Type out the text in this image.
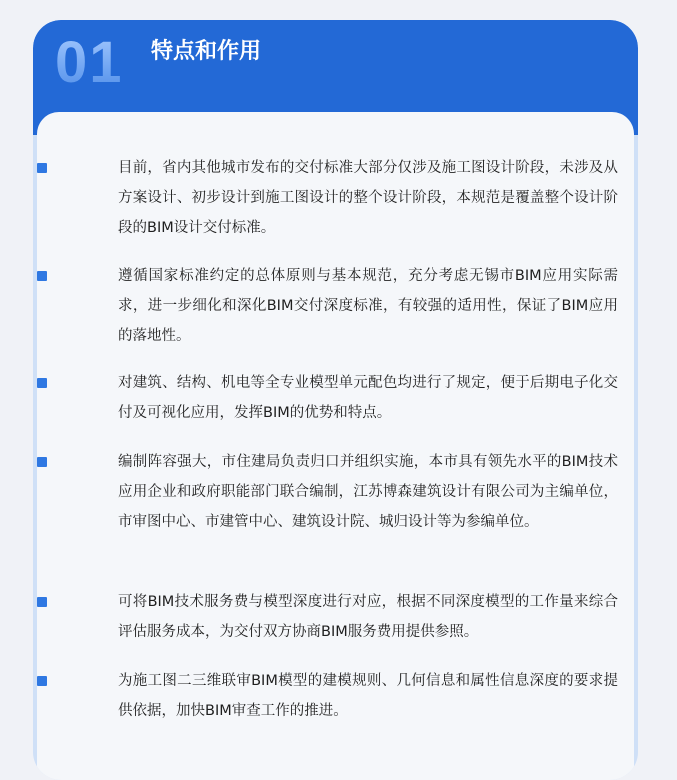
01 特点和作用
目前，省内其他城市发布的交付标准大部分仅涉及施工图设计阶段，未涉及从方案设计、初步设计到施工图设计的整个设计阶段，本规范是覆盖整个设计阶段的BIM设计交付标准。
遵循国家标准约定的总体原则与基本规范，充分考虑无锡市BIM应用实际需求，进一步细化和深化BIM交付深度标准，有较强的适用性，保证了BIM应用的落地性。
对建筑、结构、机电等全专业模型单元配色均进行了规定，便于后期电子化交付及可视化应用，发挥BIM的优势和特点。
编制阵容强大，市住建局负责归口并组织实施，本市具有领先水平的BIM技术应用企业和政府职能部门联合编制，江苏博森建筑设计有限公司为主编单位，市审图中心、市建管中心、建筑设计院、城归设计等为参编单位。
可将BIM技术服务费与模型深度进行对应，根据不同深度模型的工作量来综合评估服务成本，为交付双方协商BIM服务费用提供参照。
为施工图二三维联审BIM模型的建模规则、几何信息和属性信息深度的要求提供依据，加快BIM审查工作的推进。
